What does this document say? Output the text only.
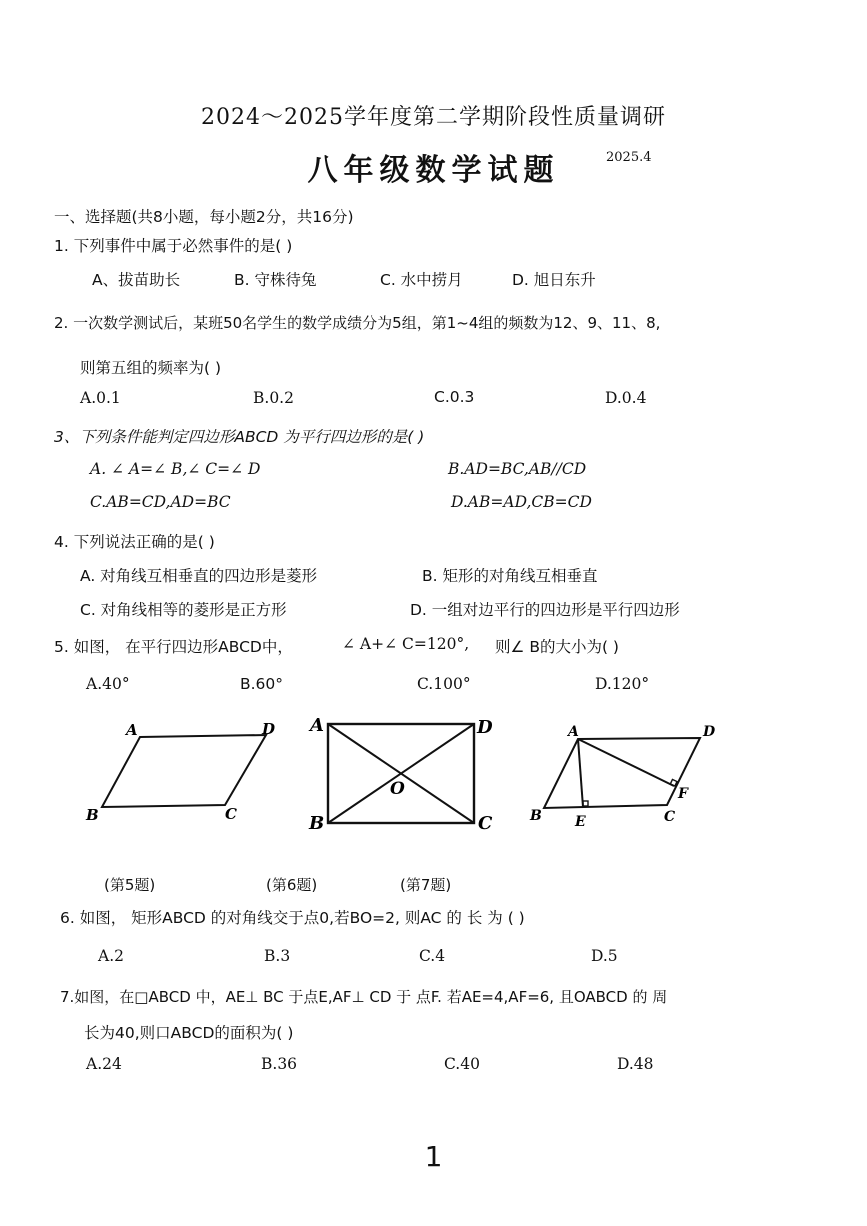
2024～2025学年度第二学期阶段性质量调研
八年级数学试题	2025.4
一、选择题(共8小题，每小题2分，共16分)
1. 下列事件中属于必然事件的是( )
A、拔苗助长	B. 守株待兔	C. 水中捞月	D. 旭日东升
2. 一次数学测试后，某班50名学生的数学成绩分为5组，第1~4组的频数为12、9、11、8,
则第五组的频率为( )
A.0.1	B.0.2	C.0.3	D.0.4
3、下列条件能判定四边形ABCD 为平行四边形的是( )
A. ∠ A=∠ B,∠ C=∠ D	B.AD=BC,AB//CD
C.AB=CD,AD=BC	D.AB=AD,CB=CD
4. 下列说法正确的是( )
A. 对角线互相垂直的四边形是菱形	B. 矩形的对角线互相垂直
C. 对角线相等的菱形是正方形	D. 一组对边平行的四边形是平行四边形
5. 如图， 在平行四边形ABCD中，	∠ A+∠ C=120°, 则∠ B的大小为( )
A.40°	B.60°	C.100°	D.120°
A	D
B	C
A	D
B	C
O
A	D
B E	C
F
(第5题)	(第6题)	(第7题)
6. 如图， 矩形ABCD 的对角线交于点0,若BO=2, 则AC 的 长 为 ( )
A.2	B.3	C.4	D.5
7.如图，在□ABCD 中，AE⊥ BC 于点E,AF⊥ CD 于 点F. 若AE=4,AF=6, 且OABCD 的 周
长为40,则口ABCD的面积为( )
A.24	B.36	C.40	D.48
1
